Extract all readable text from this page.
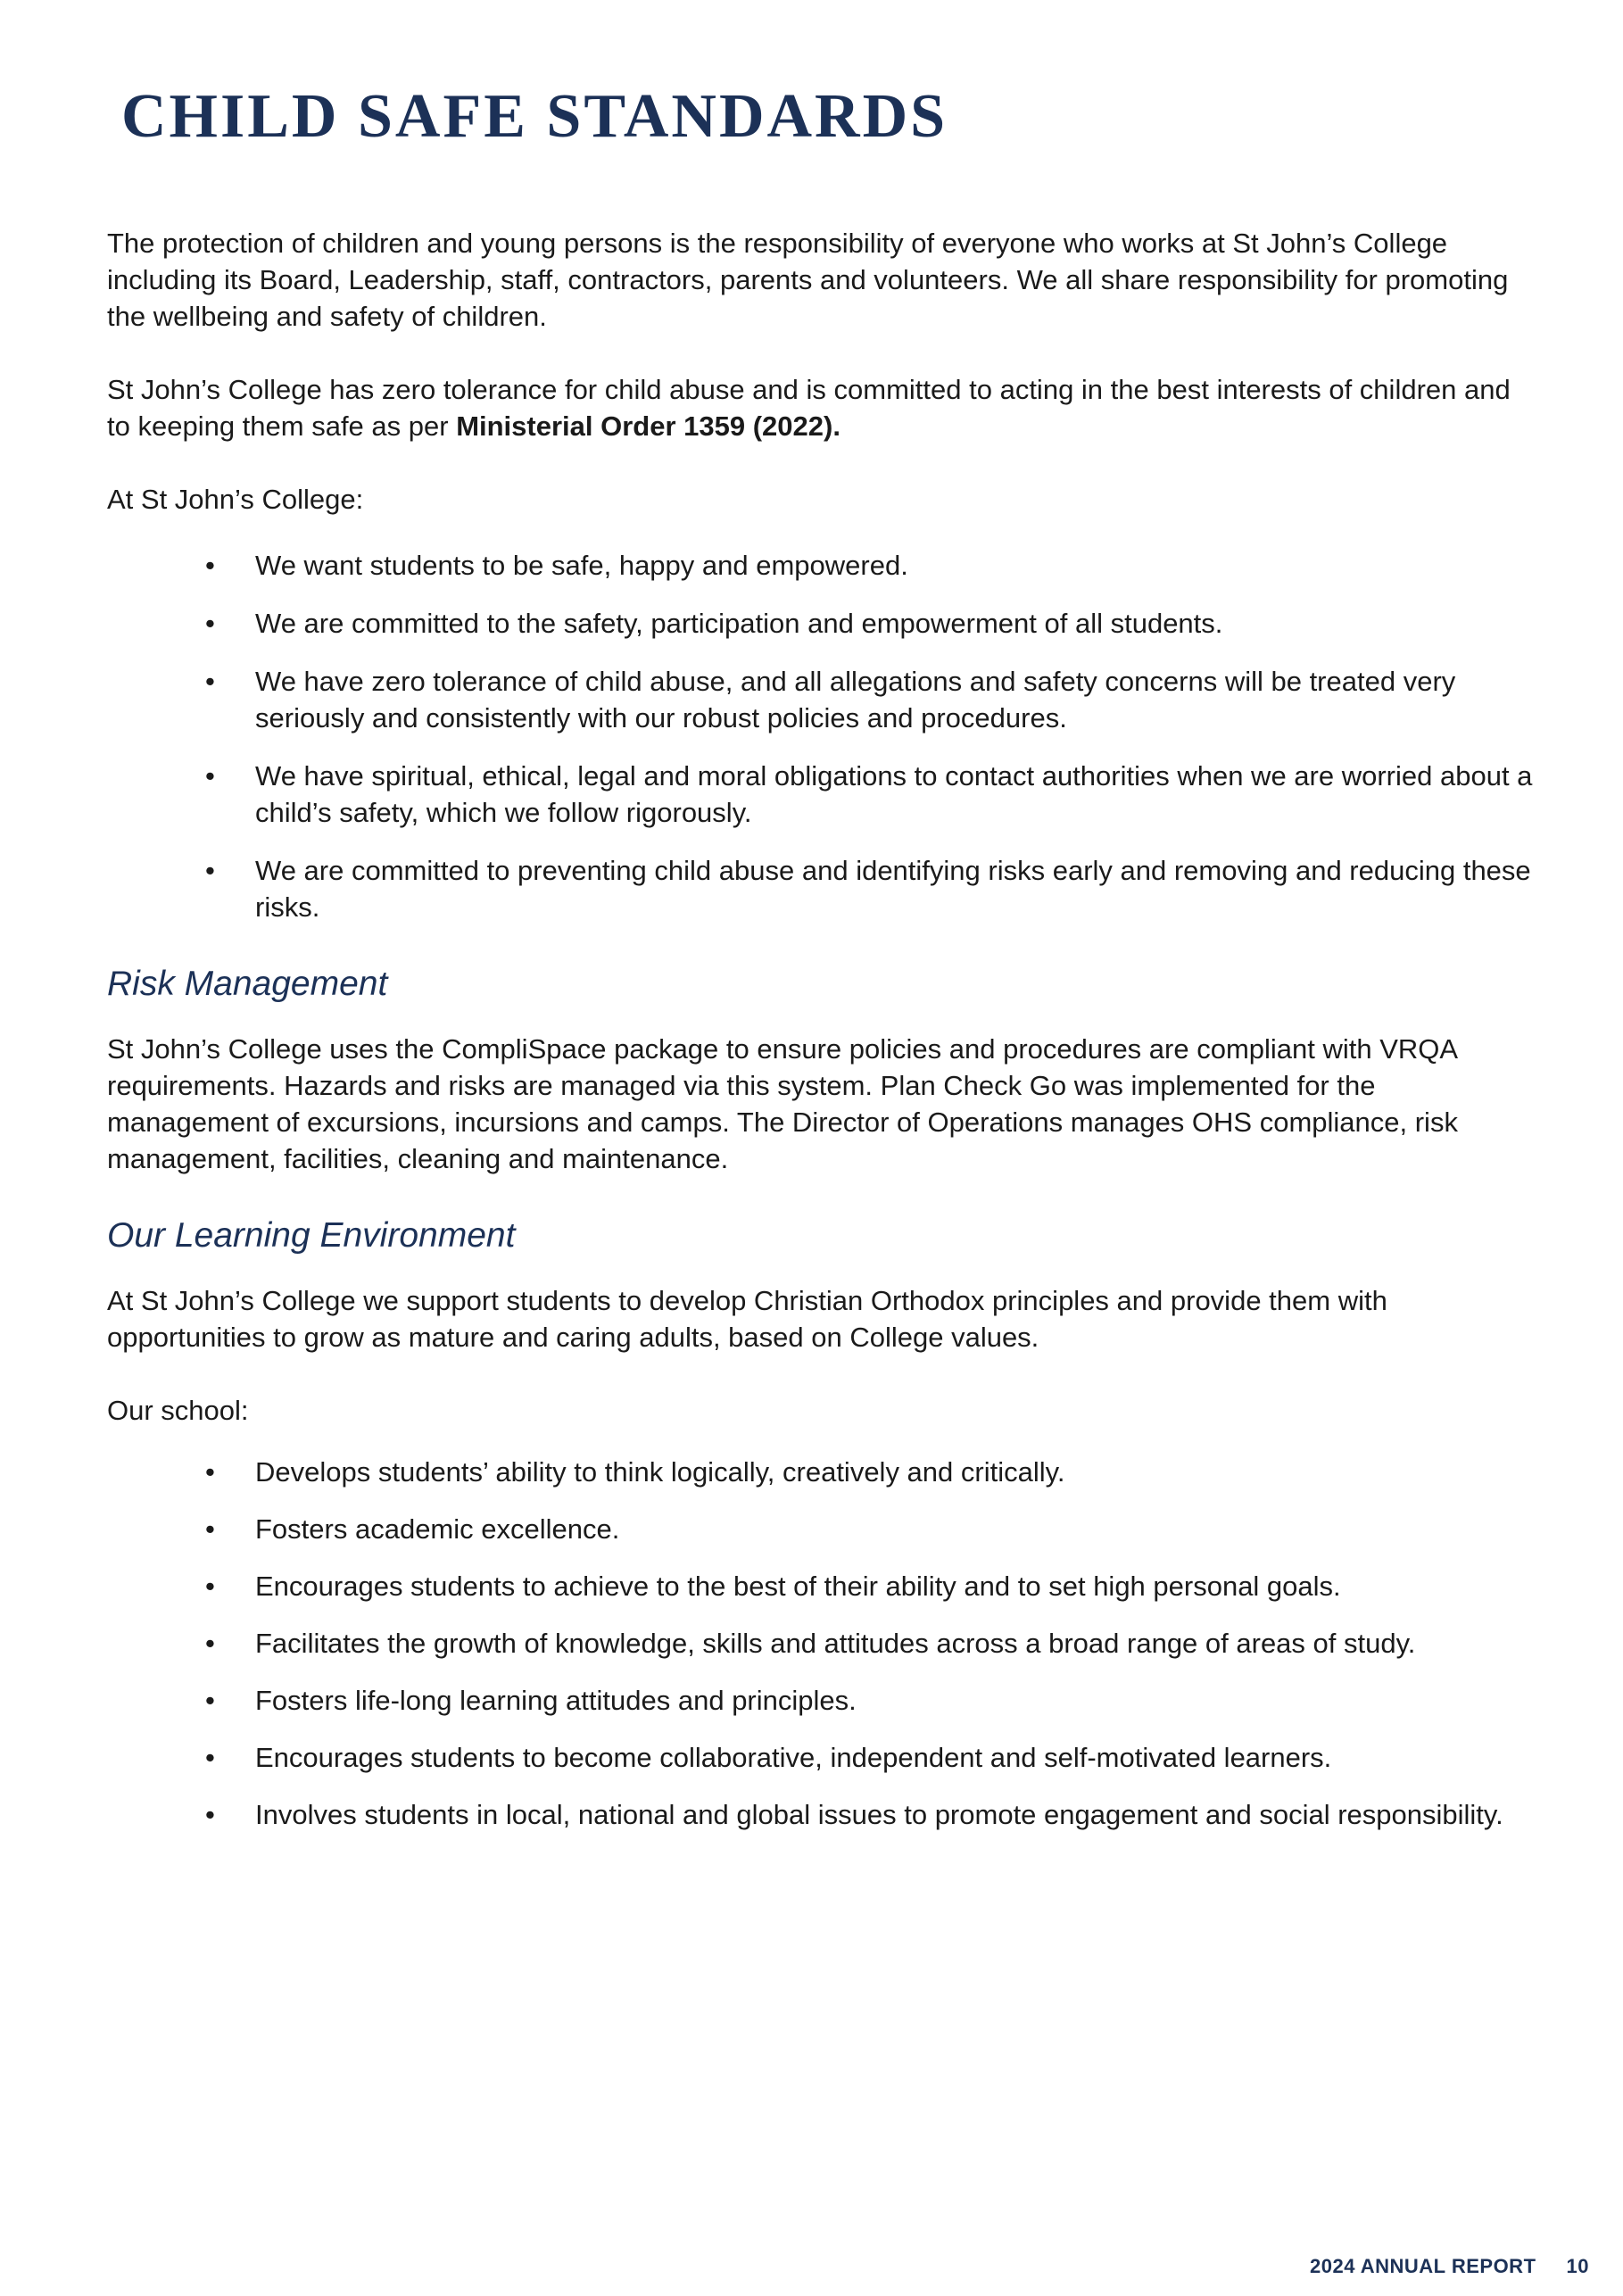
CHILD SAFE STANDARDS

The protection of children and young persons is the responsibility of everyone who works at St John’s College including its Board, Leadership, staff, contractors, parents and volunteers. We all share responsibility for promoting the wellbeing and safety of children.

St John’s College has zero tolerance for child abuse and is committed to acting in the best interests of children and to keeping them safe as per Ministerial Order 1359 (2022).

At St John’s College:

• We want students to be safe, happy and empowered.
• We are committed to the safety, participation and empowerment of all students.
• We have zero tolerance of child abuse, and all allegations and safety concerns will be treated very seriously and consistently with our robust policies and procedures.
• We have spiritual, ethical, legal and moral obligations to contact authorities when we are worried about a child’s safety, which we follow rigorously.
• We are committed to preventing child abuse and identifying risks early and removing and reducing these risks.
Risk Management

St John’s College uses the CompliSpace package to ensure policies and procedures are compliant with VRQA requirements. Hazards and risks are managed via this system. Plan Check Go was implemented for the management of excursions, incursions and camps. The Director of Operations manages OHS compliance, risk management, facilities, cleaning and maintenance.

Our Learning Environment

At St John’s College we support students to develop Christian Orthodox principles and provide them with opportunities to grow as mature and caring adults, based on College values.

Our school:

• Develops students’ ability to think logically, creatively and critically.
• Fosters academic excellence.
• Encourages students to achieve to the best of their ability and to set high personal goals.
• Facilitates the growth of knowledge, skills and attitudes across a broad range of areas of study.
• Fosters life-long learning attitudes and principles.
• Encourages students to become collaborative, independent and self-motivated learners.
• Involves students in local, national and global issues to promote engagement and social responsibility.
2024 ANNUAL REPORT 10
